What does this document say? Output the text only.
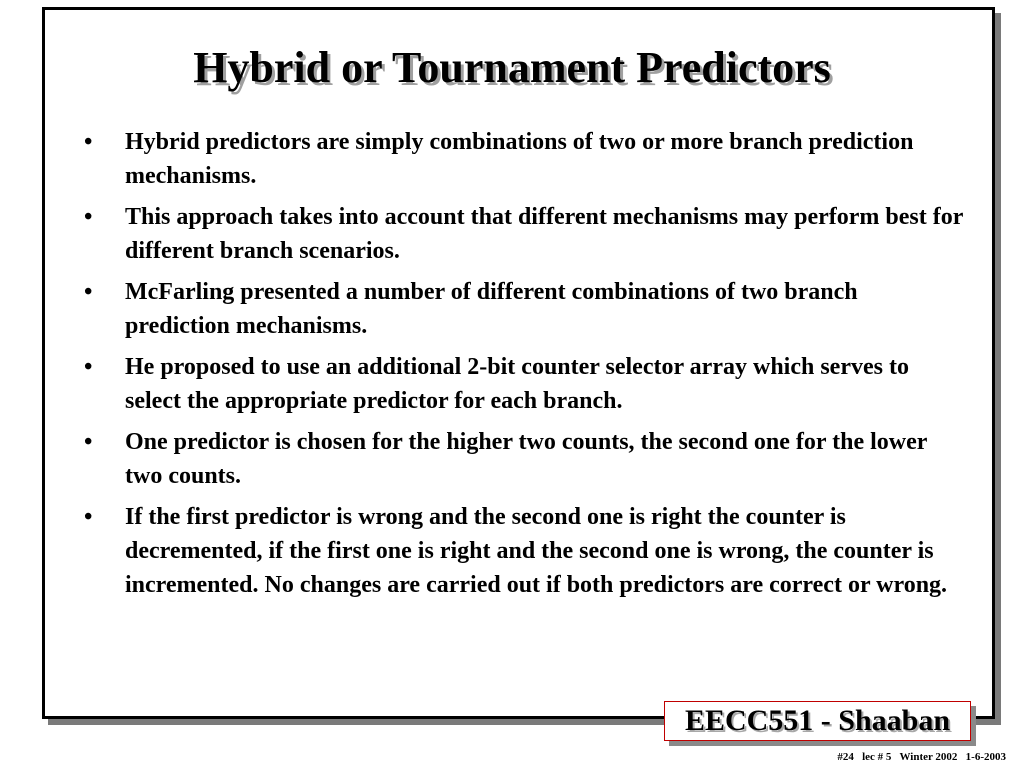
Hybrid or Tournament Predictors
•	Hybrid predictors are simply combinations of two or more branch prediction mechanisms.
•	This approach takes into account that different mechanisms may perform best for different branch scenarios.
•	McFarling presented a number of different combinations of two branch prediction mechanisms.
•	He proposed to use an additional 2-bit counter selector array which serves to select the appropriate predictor for each branch.
•	One predictor is chosen for the higher two counts, the second one for the lower two counts.
•	If the first predictor is wrong and the second one is right the counter is decremented, if the first one is right and the second one is wrong, the counter is incremented. No changes are carried out if both predictors are correct or wrong.
EECC551 - Shaaban
#24   lec # 5   Winter 2002   1-6-2003
